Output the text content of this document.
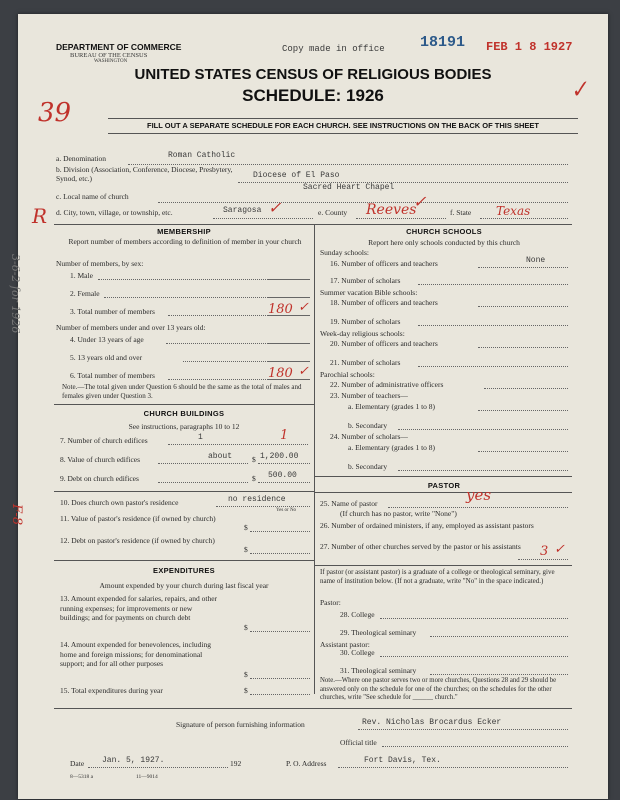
DEPARTMENT OF COMMERCE
BUREAU OF THE CENSUS
WASHINGTON
Copy made in office 18191 FEB 1 8 1927
✓
UNITED STATES CENSUS OF RELIGIOUS BODIES
SCHEDULE: 1926
39	FILL OUT A SEPARATE SCHEDULE FOR EACH CHURCH. SEE INSTRUCTIONS ON THE BACK OF THIS SHEET
a. Denomination	Roman Catholic
b. Division (Association, Conference, Diocese, Presbytery, Synod, etc.)	Diocese of El Paso
c. Local name of church
Sacred Heart Chapel
R d. City, town, village, or township, etc.	Saragosa ✓	e. County Reeves
✓
f. State Texas
3-6-2 for 1926
F-8
MEMBERSHIP
Report number of members according to definition of member in your church
Number of members, by sex:
1. Male
2. Female
3. Total number of members	180 ✓
Number of members under and over 13 years old:
4. Under 13 years of age
5. 13 years old and over
6. Total number of members	180 ✓
Note.—The total given under Question 6 should be the same as the total of males and females given under Question 3.
CHURCH BUILDINGS
See instructions, paragraphs 10 to 12
7. Number of church edifices	1	1
8. Value of church edifices	about	$ 1,200.00
9. Debt on church edifices	$ 500.00
10. Does church own pastor's residence	no residence
Yes or No
11. Value of pastor's residence (if owned by church)
$
12. Debt on pastor's residence (if owned by church)
$
EXPENDITURES
Amount expended by your church during last fiscal year
13. Amount expended for salaries, repairs, and other running expenses; for improvements or new buildings; and for payments on church debt
$
14. Amount expended for benevolences, including home and foreign missions; for denominational support; and for all other purposes
$
15. Total expenditures during year	$
CHURCH SCHOOLS
Report here only schools conducted by this church
Sunday schools:
16. Number of officers and teachers	None
17. Number of scholars
Summer vacation Bible schools:
18. Number of officers and teachers
19. Number of scholars
Week-day religious schools:
20. Number of officers and teachers
21. Number of scholars
Parochial schools:
22. Number of administrative officers
23. Number of teachers—
a. Elementary (grades 1 to 8)
b. Secondary
24. Number of scholars—
a. Elementary (grades 1 to 8)
b. Secondary
PASTOR
25. Name of pastor	yes
(If church has no pastor, write "None")
26. Number of ordained ministers, if any, employed as assistant pastors
27. Number of other churches served by the pastor or his assistants	3 ✓
If pastor (or assistant pastor) is a graduate of a college or theological seminary, give name of institution below. (If not a graduate, write "No" in the space indicated.)
Pastor:
28. College
29. Theological seminary
Assistant pastor:
30. College
31. Theological seminary
Note.—Where one pastor serves two or more churches, Questions 28 and 29 should be answered only on the schedule for one of the churches; on the schedules for the other churches, write "See schedule for ______ church."
Signature of person furnishing information	Rev. Nicholas Brocardus Ecker
Official title
Date Jan. 5, 1927.	192	P. O. Address	Fort Davis, Tex.
8—5318 a	11—9014
